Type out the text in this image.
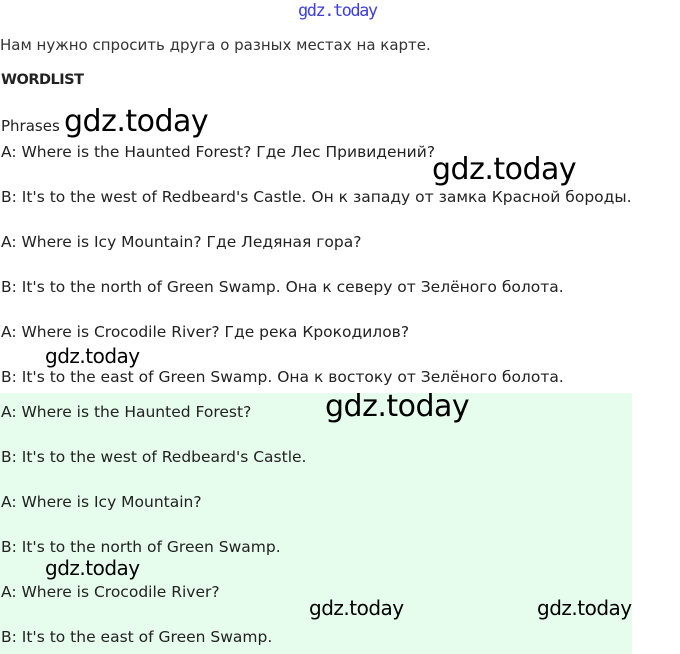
gdz.today
Нам нужно спросить друга о разных местах на карте.
WORDLIST
Phrases gdz.today
A: Where is the Haunted Forest? Где Лес Привидений?
gdz.today
B: It's to the west of Redbeard's Castle. Он к западу от замка Красной бороды.
A: Where is Icy Mountain? Где Ледяная гора?
B: It's to the north of Green Swamp. Она к северу от Зелёного болота.
A: Where is Crocodile River? Где река Крокодилов?
gdz.today
B: It's to the east of Green Swamp. Она к востоку от Зелёного болота.
A: Where is the Haunted Forest? gdz.today
B: It's to the west of Redbeard's Castle.
A: Where is Icy Mountain?
B: It's to the north of Green Swamp.
gdz.today
A: Where is Crocodile River?
gdz.today	gdz.today
B: It's to the east of Green Swamp.
